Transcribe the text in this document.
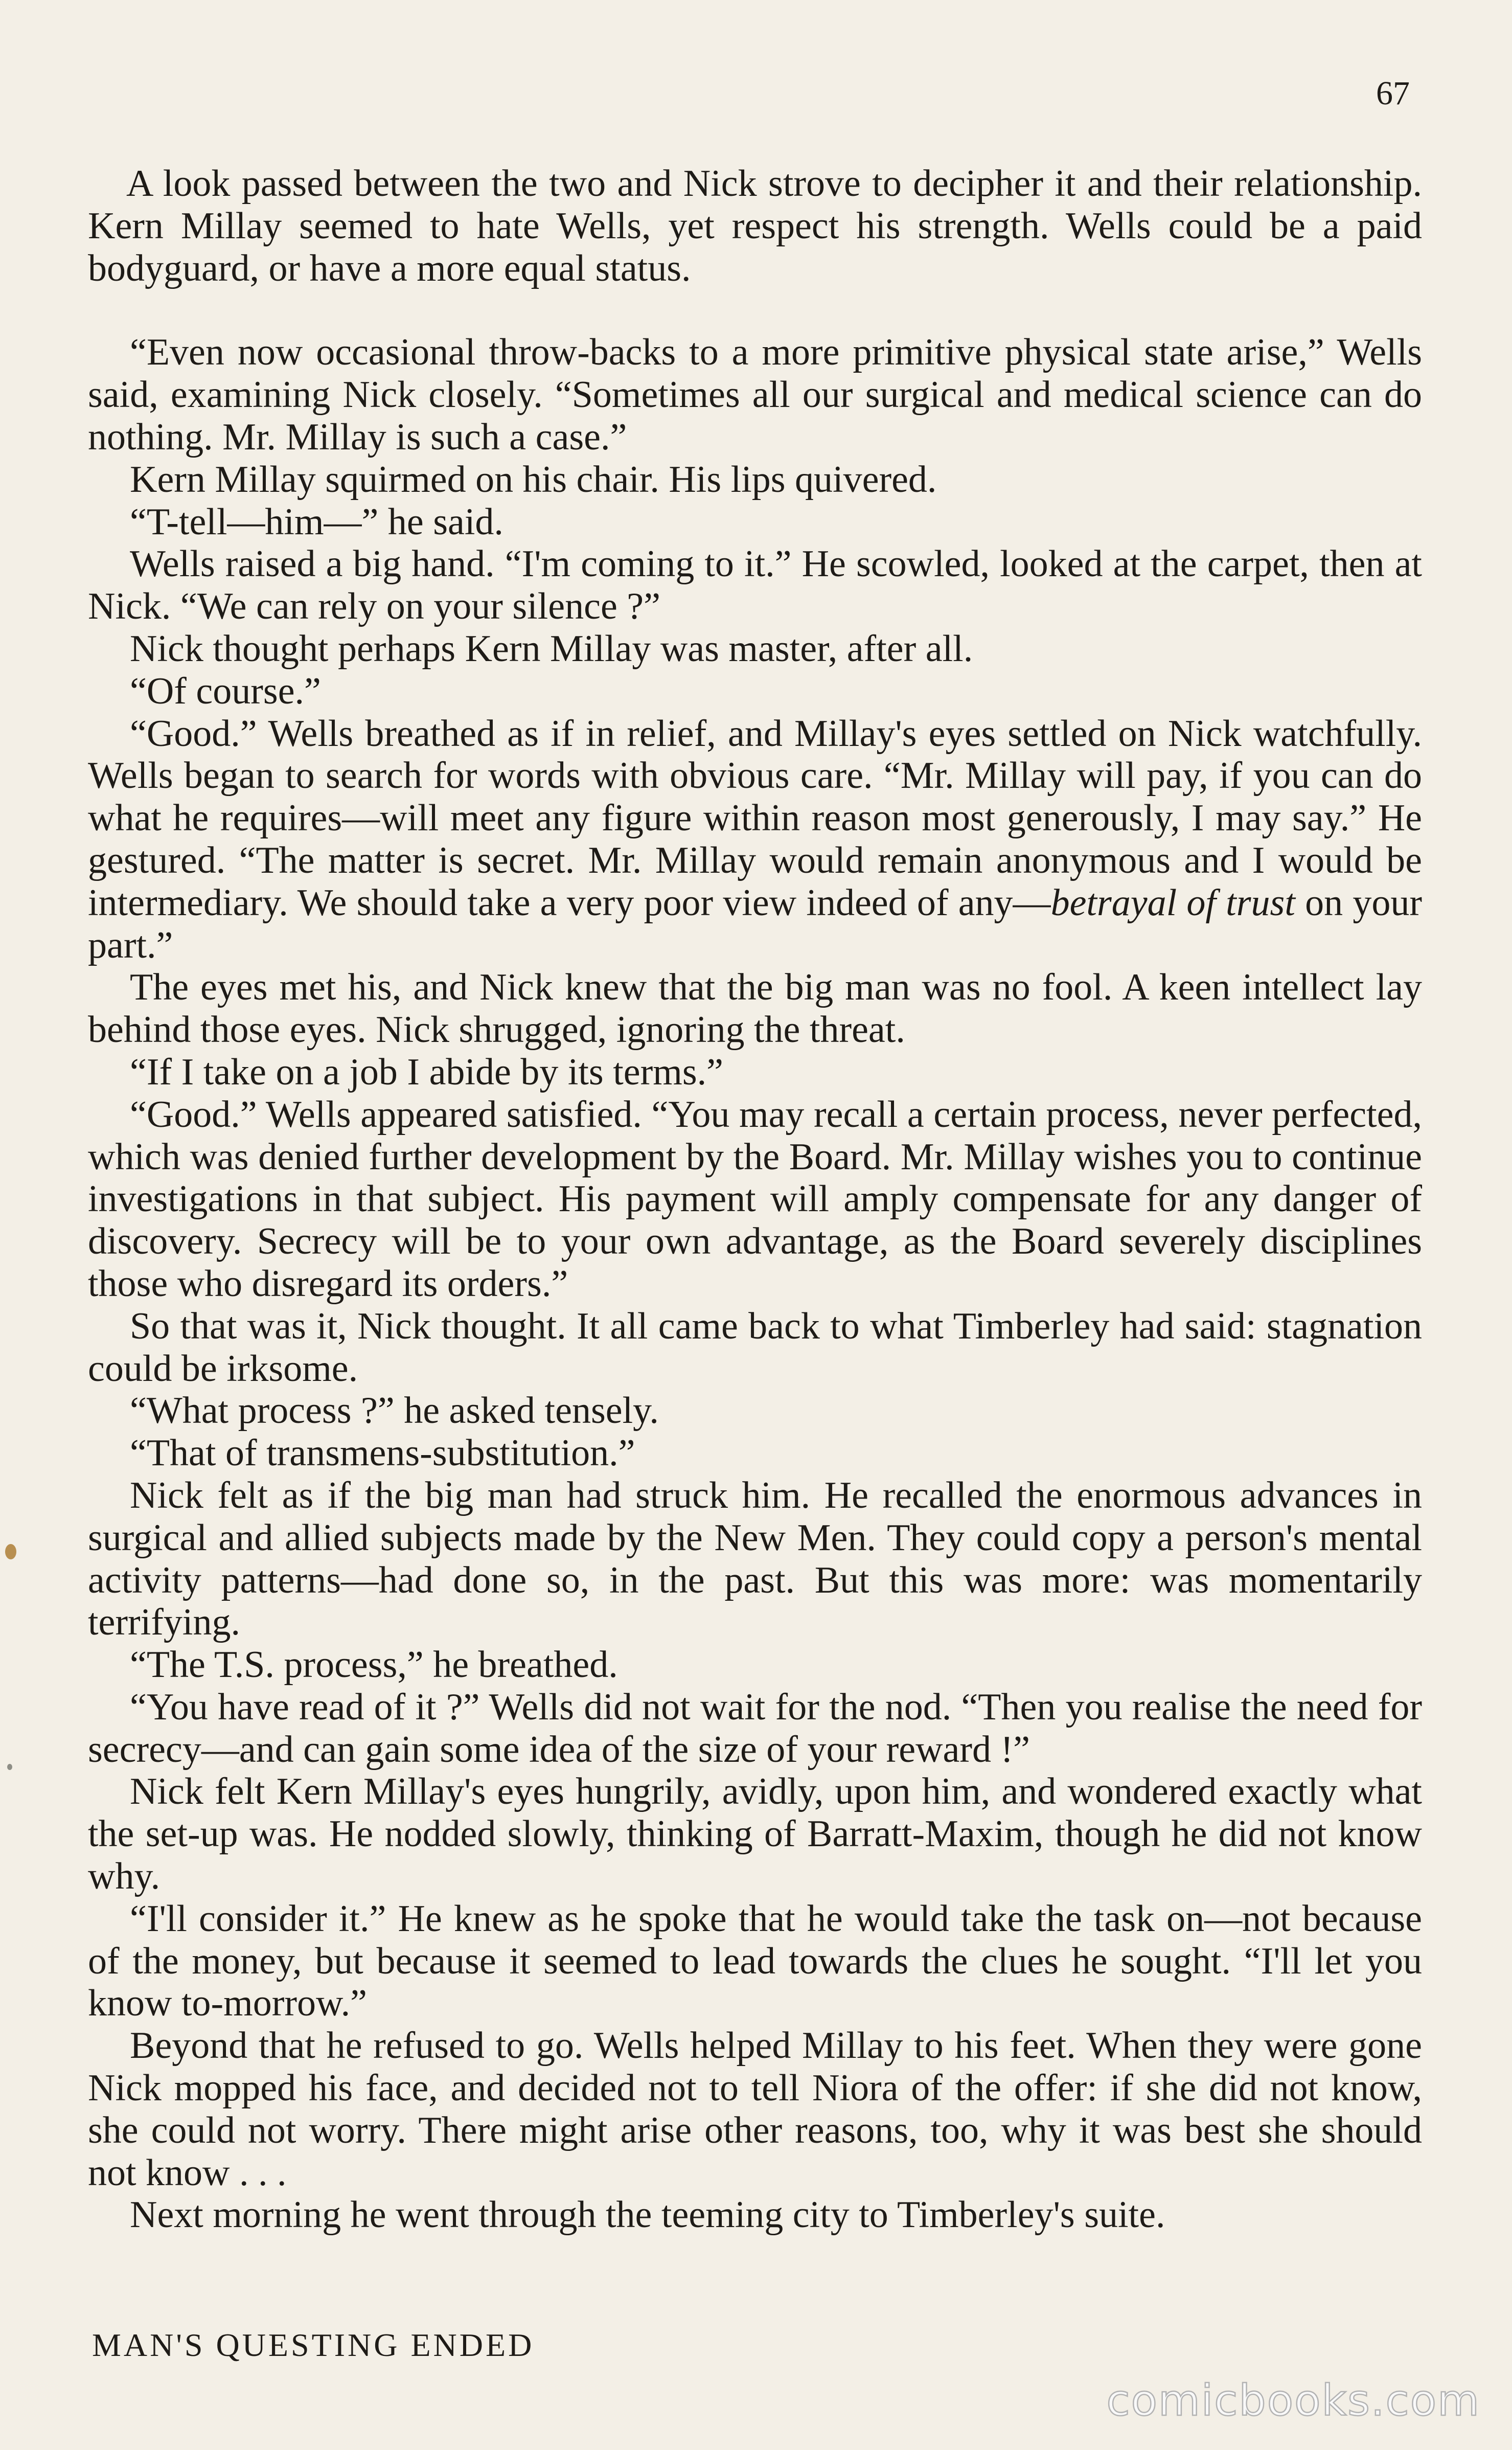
67

A look passed between the two and Nick strove to decipher it and their relationship. Kern Millay seemed to hate Wells, yet respect his strength. Wells could be a paid bodyguard, or have a more equal status.

“Even now occasional throw-backs to a more primitive physical state arise,” Wells said, examining Nick closely. “Sometimes all our surgical and medical science can do nothing. Mr. Millay is such a case.”

Kern Millay squirmed on his chair. His lips quivered.

“T-tell—him—” he said.

Wells raised a big hand. “I'm coming to it.” He scowled, looked at the carpet, then at Nick. “We can rely on your silence ?”

Nick thought perhaps Kern Millay was master, after all.

“Of course.”

“Good.” Wells breathed as if in relief, and Millay's eyes settled on Nick watchfully. Wells began to search for words with obvious care. “Mr. Millay will pay, if you can do what he requires—will meet any figure within reason most generously, I may say.” He gestured. “The matter is secret. Mr. Millay would remain anonymous and I would be intermediary. We should take a very poor view indeed of any—betrayal of trust on your part.”

The eyes met his, and Nick knew that the big man was no fool. A keen intellect lay behind those eyes. Nick shrugged, ignoring the threat.

“If I take on a job I abide by its terms.”

“Good.” Wells appeared satisfied. “You may recall a certain process, never perfected, which was denied further development by the Board. Mr. Millay wishes you to continue investigations in that subject. His payment will amply compensate for any danger of discovery. Secrecy will be to your own advantage, as the Board severely disciplines those who disregard its orders.”

So that was it, Nick thought. It all came back to what Timberley had said: stagnation could be irksome.

“What process ?” he asked tensely.

“That of transmens-substitution.”

Nick felt as if the big man had struck him. He recalled the enormous advances in surgical and allied subjects made by the New Men. They could copy a person's mental activity patterns—had done so, in the past. But this was more: was momentarily terrifying.

“The T.S. process,” he breathed.

“You have read of it ?” Wells did not wait for the nod. “Then you realise the need for secrecy—and can gain some idea of the size of your reward !”

Nick felt Kern Millay's eyes hungrily, avidly, upon him, and wondered exactly what the set-up was. He nodded slowly, thinking of Barratt-Maxim, though he did not know why.

“I'll consider it.” He knew as he spoke that he would take the task on—not because of the money, but because it seemed to lead towards the clues he sought. “I'll let you know to-morrow.”

Beyond that he refused to go. Wells helped Millay to his feet. When they were gone Nick mopped his face, and decided not to tell Niora of the offer: if she did not know, she could not worry. There might arise other reasons, too, why it was best she should not know . . .

Next morning he went through the teeming city to Timberley's suite.

MAN'S QUESTING ENDED
comicbooks.com
